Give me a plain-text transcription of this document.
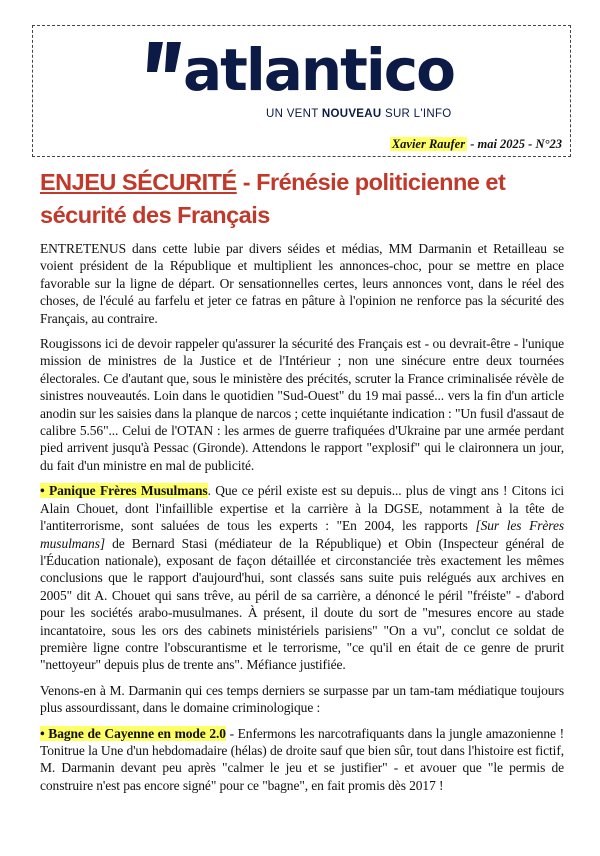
atlantico
UN VENT NOUVEAU SUR L'INFO
Xavier Raufer - mai 2025 - N°23
ENJEU SÉCURITÉ - Frénésie politicienne et sécurité des Français

ENTRETENUS dans cette lubie par divers séides et médias, MM Darmanin et Retailleau se voient président de la République et multiplient les annonces-choc, pour se mettre en place favorable sur la ligne de départ. Or sensationnelles certes, leurs annonces vont, dans le réel des choses, de l'éculé au farfelu et jeter ce fatras en pâture à l'opinion ne renforce pas la sécurité des Français, au contraire.

Rougissons ici de devoir rappeler qu'assurer la sécurité des Français est - ou devrait-être - l'unique mission de ministres de la Justice et de l'Intérieur ; non une sinécure entre deux tournées électorales. Ce d'autant que, sous le ministère des précités, scruter la France criminalisée révèle de sinistres nouveautés. Loin dans le quotidien "Sud-Ouest" du 19 mai passé... vers la fin d'un article anodin sur les saisies dans la planque de narcos ; cette inquiétante indication : "Un fusil d'assaut de calibre 5.56"... Celui de l'OTAN : les armes de guerre trafiquées d'Ukraine par une armée perdant pied arrivent jusqu'à Pessac (Gironde). Attendons le rapport "explosif" qui le claironnera un jour, du fait d'un ministre en mal de publicité.

• Panique Frères Musulmans. Que ce péril existe est su depuis... plus de vingt ans ! Citons ici Alain Chouet, dont l'infaillible expertise et la carrière à la DGSE, notamment à la tête de l'antiterrorisme, sont saluées de tous les experts : "En 2004, les rapports [Sur les Frères musulmans] de Bernard Stasi (médiateur de la République) et Obin (Inspecteur général de l'Éducation nationale), exposant de façon détaillée et circonstanciée très exactement les mêmes conclusions que le rapport d'aujourd'hui, sont classés sans suite puis relégués aux archives en 2005" dit A. Chouet qui sans trêve, au péril de sa carrière, a dénoncé le péril "fréiste" - d'abord pour les sociétés arabo-musulmanes. À présent, il doute du sort de "mesures encore au stade incantatoire, sous les ors des cabinets ministériels parisiens" "On a vu", conclut ce soldat de première ligne contre l'obscurantisme et le terrorisme, "ce qu'il en était de ce genre de prurit "nettoyeur" depuis plus de trente ans". Méfiance justifiée.

Venons-en à M. Darmanin qui ces temps derniers se surpasse par un tam-tam médiatique toujours plus assourdissant, dans le domaine criminologique :

• Bagne de Cayenne en mode 2.0 - Enfermons les narcotrafiquants dans la jungle amazonienne ! Tonitrue la Une d'un hebdomadaire (hélas) de droite sauf que bien sûr, tout dans l'histoire est fictif, M. Darmanin devant peu après "calmer le jeu et se justifier" - et avouer que "le permis de construire n'est pas encore signé" pour ce "bagne", en fait promis dès 2017 !
